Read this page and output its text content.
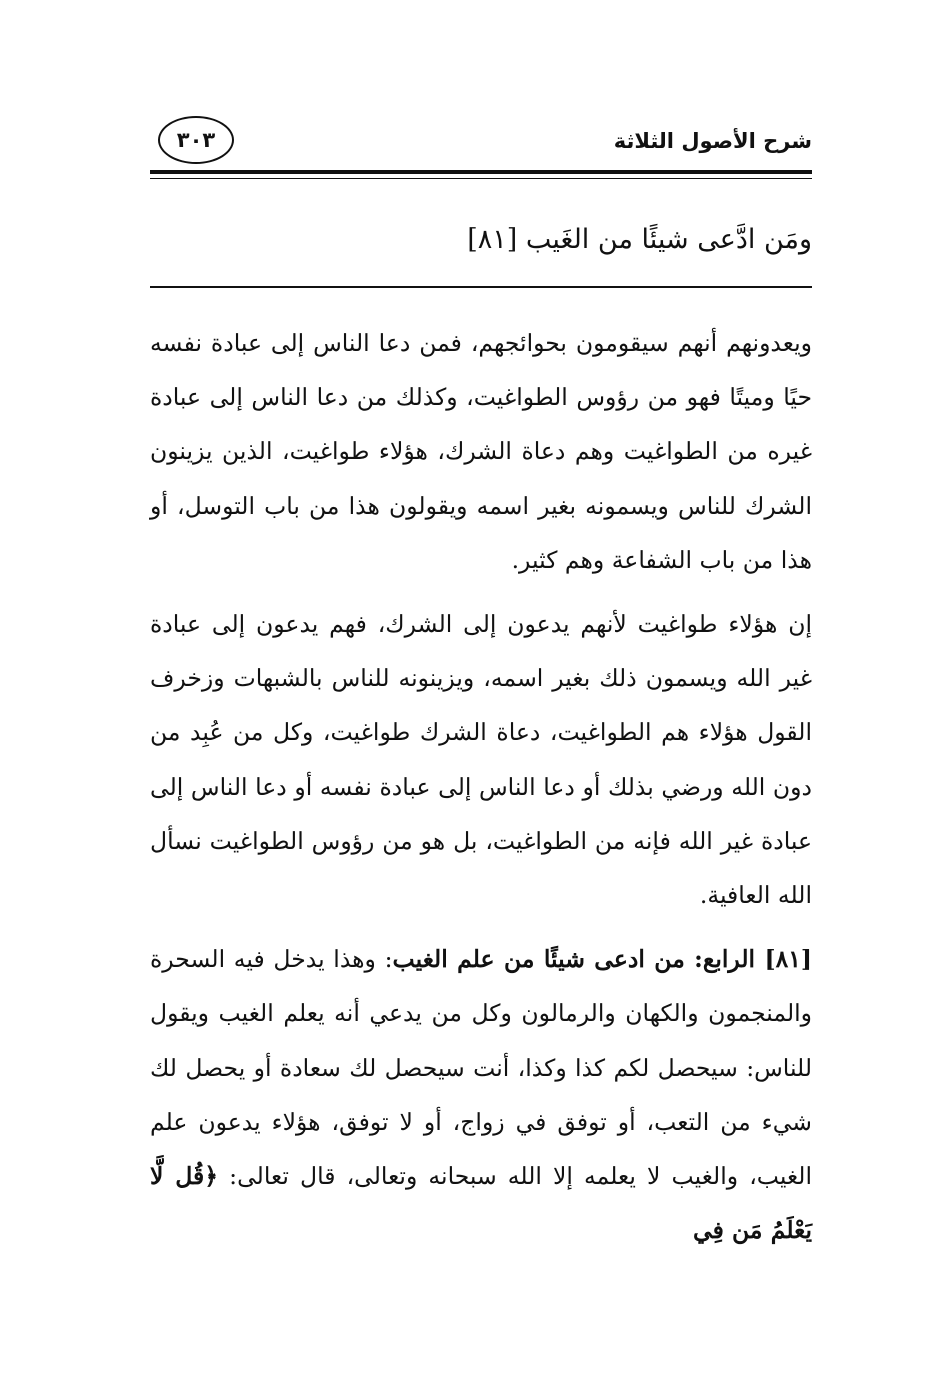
شرح الأصول الثلاثة
٣٠٣
ومَن ادَّعى شيئًا من الغَيب [٨١]

ويعدونهم أنهم سيقومون بحوائجهم، فمن دعا الناس إلى عبادة نفسه حيًا وميتًا فهو من رؤوس الطواغيت، وكذلك من دعا الناس إلى عبادة غيره من الطواغيت وهم دعاة الشرك، هؤلاء طواغيت، الذين يزينون الشرك للناس ويسمونه بغير اسمه ويقولون هذا من باب التوسل، أو هذا من باب الشفاعة وهم كثير.

إن هؤلاء طواغيت لأنهم يدعون إلى الشرك، فهم يدعون إلى عبادة غير الله ويسمون ذلك بغير اسمه، ويزينونه للناس بالشبهات وزخرف القول هؤلاء هم الطواغيت، دعاة الشرك طواغيت، وكل من عُبِد من دون الله ورضي بذلك أو دعا الناس إلى عبادة نفسه أو دعا الناس إلى عبادة غير الله فإنه من الطواغيت، بل هو من رؤوس الطواغيت نسأل الله العافية.

[٨١] الرابع: من ادعى شيئًا من علم الغيب: وهذا يدخل فيه السحرة والمنجمون والكهان والرمالون وكل من يدعي أنه يعلم الغيب ويقول للناس: سيحصل لكم كذا وكذا، أنت سيحصل لك سعادة أو يحصل لك شيء من التعب، أو توفق في زواج، أو لا توفق، هؤلاء يدعون علم الغيب، والغيب لا يعلمه إلا الله سبحانه وتعالى، قال تعالى: ﴿قُل لَّا يَعْلَمُ مَن فِي
